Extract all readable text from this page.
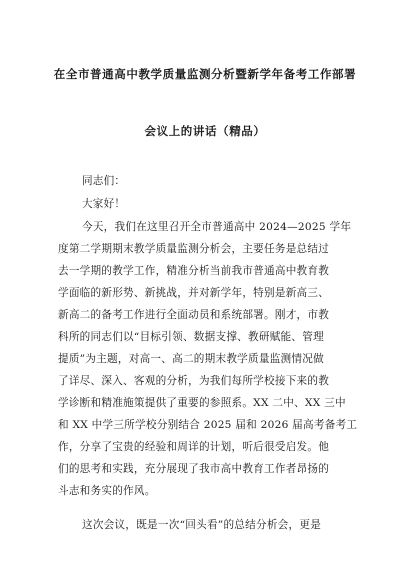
在全市普通高中教学质量监测分析暨新学年备考工作部署
会议上的讲话（精品）
同志们：
大家好！
今天，我们在这里召开全市普通高中 2024—2025 学年
度第二学期期末教学质量监测分析会，主要任务是总结过
去一学期的教学工作，精准分析当前我市普通高中教育教
学面临的新形势、新挑战，并对新学年，特别是新高三、
新高二的备考工作进行全面动员和系统部署。刚才，市教
科所的同志们以“目标引领、数据支撑、教研赋能、管理
提质”为主题，对高一、高二的期末教学质量监测情况做
了详尽、深入、客观的分析，为我们每所学校接下来的教
学诊断和精准施策提供了重要的参照系。XX 二中、XX 三中
和 XX 中学三所学校分别结合 2025 届和 2026 届高考备考工
作，分享了宝贵的经验和周详的计划，听后很受启发。他
们的思考和实践，充分展现了我市高中教育工作者昂扬的
斗志和务实的作风。
这次会议，既是一次“回头看”的总结分析会，更是
